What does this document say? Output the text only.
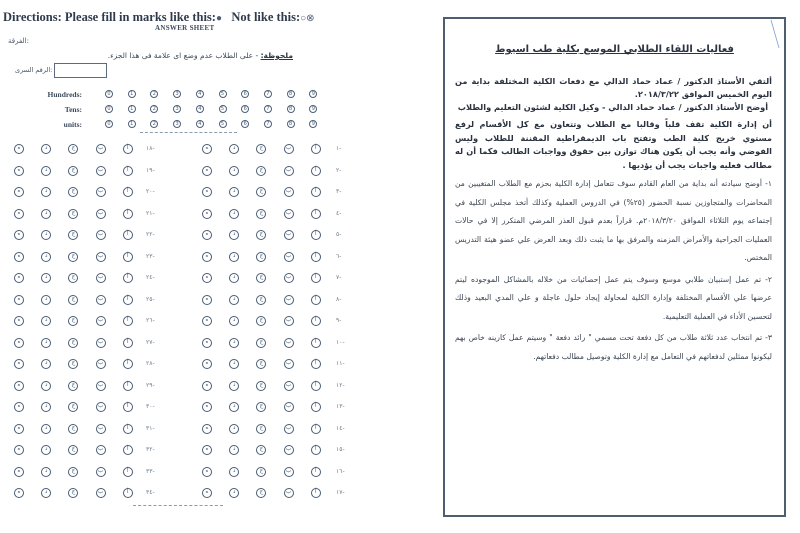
Directions: Please fill in marks like this:● Not like this:○⊗
ANSWER SHEET
:الفرقة
ملحوظة: - على الطلاب عدم وضع اى علامة فى هذا الجزء.
:الرقم السرى
Hundreds:	0	1	2	3	4	5	6	7	8	9
Tens:	0	1	2	3	4	5	6	7	8	9
units:	0	1	2	3	4	5	6	7	8	9
ه	د	ج	ب	أ	-١٨
ه	د	ج	ب	أ	-١٩
ه	د	ج	ب	أ	-٢٠
ه	د	ج	ب	أ	-٢١
ه	د	ج	ب	أ	-٢٢
ه	د	ج	ب	أ	-٢٣
ه	د	ج	ب	أ	-٢٤
ه	د	ج	ب	أ	-٢٥
ه	د	ج	ب	أ	-٢٦
ه	د	ج	ب	أ	-٢٧
ه	د	ج	ب	أ	-٢٨
ه	د	ج	ب	أ	-٢٩
ه	د	ج	ب	أ	-٣٠
ه	د	ج	ب	أ	-٣١
ه	د	ج	ب	أ	-٣٢
ه	د	ج	ب	أ	-٣٣
ه	د	ج	ب	أ	-٣٤
ه	د	ج	ب	أ	-١
ه	د	ج	ب	أ	-٢
ه	د	ج	ب	أ	-٣
ه	د	ج	ب	أ	-٤
ه	د	ج	ب	أ	-٥
ه	د	ج	ب	أ	-٦
ه	د	ج	ب	أ	-٧
ه	د	ج	ب	أ	-٨
ه	د	ج	ب	أ	-٩
ه	د	ج	ب	أ	-١٠
ه	د	ج	ب	أ	-١١
ه	د	ج	ب	أ	-١٢
ه	د	ج	ب	أ	-١٣
ه	د	ج	ب	أ	-١٤
ه	د	ج	ب	أ	-١٥
ه	د	ج	ب	أ	-١٦
ه	د	ج	ب	أ	-١٧
فعاليات اللقاء الطلابي الموسع بكلية طب اسيوط

ألتقي الأستاذ الدكتور / عماد حماد الدالي مع دفعات الكلية المختلفة بداية من اليوم الخميس الموافق ٢٠١٨/٣/٢٢.

أوضح الأستاذ الدكتور / عماد حماد الدالي - وكيل الكلية لشئون التعليم والطلاب

أن إدارة الكلية تقف قلباً وقالبا مع الطلاب وتتعاون مع كل الأقسام لرفع مستوي خريج كلية الطب وتفتح باب الديمقراطية المقننة للطلاب وليس الفوضي وأنه يجب أن يكون هناك توازن بين حقوق وواجبات الطالب فكما أن له مطالب فعليه واجبات يجب أن يؤديها .

١- أوضح سيادته أنه بداية من العام القادم سوف تتعامل إدارة الكلية بحزم مع الطلاب المتغيبين من المحاضرات والمتجاوزين نسبة الحضور (٢٥%) في الدروس العملية وكذلك أتخذ مجلس الكلية في إجتماعه يوم الثلاثاء الموافق ٢٠١٨/٣/٢٠م. قراراً بعدم قبول العذر المرضي المتكرر إلا في حالات العمليات الجراحية والأمراض المزمنه والمرفق بها ما يثبت ذلك وبعد العرض علي عضو هيئة التدريس المختص.

٢- تم عمل إستبيان طلابي موسع وسوف يتم عمل إحصائيات من خلاله بالمشاكل الموجوده ليتم عرضها علي الأقسام المختلفة وإدارة الكلية لمحاولة إيجاد حلول عاجلة و علي المدي البعيد وذلك لتحسين الأداء في العملية التعليمية.

٣- تم انتخاب عدد ثلاثة طلاب من كل دفعة تحت مسمي " رائد دفعة " وسيتم عمل كارينه خاص بهم ليكونوا ممثلين لدفعاتهم في التعامل مع إدارة الكلية وتوصيل مطالب دفعاتهم.
